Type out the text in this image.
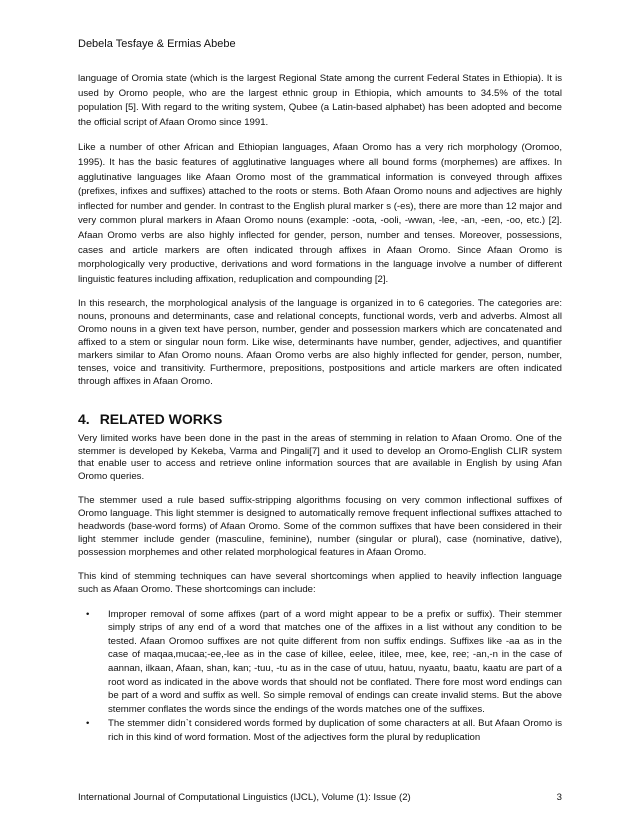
Debela Tesfaye & Ermias Abebe

language of Oromia state (which is the largest Regional State among the current Federal States in Ethiopia). It is used by Oromo people, who are the largest ethnic group in Ethiopia, which amounts to 34.5% of the total population [5]. With regard to the writing system, Qubee (a Latin-based alphabet) has been adopted and become the official script of Afaan Oromo since 1991.

Like a number of other African and Ethiopian languages, Afaan Oromo has a very rich morphology (Oromoo, 1995). It has the basic features of agglutinative languages where all bound forms (morphemes) are affixes. In agglutinative languages like Afaan Oromo most of the grammatical information is conveyed through affixes (prefixes, infixes and suffixes) attached to the roots or stems. Both Afaan Oromo nouns and adjectives are highly inflected for number and gender. In contrast to the English plural marker s (-es), there are more than 12 major and very common plural markers in Afaan Oromo nouns (example: -oota, -ooli, -wwan, -lee, -an, -een, -oo, etc.) [2]. Afaan Oromo verbs are also highly inflected for gender, person, number and tenses. Moreover, possessions, cases and article markers are often indicated through affixes in Afaan Oromo. Since Afaan Oromo is morphologically very productive, derivations and word formations in the language involve a number of different linguistic features including affixation, reduplication and compounding [2].

In this research, the morphological analysis of the language is organized in to 6 categories. The categories are: nouns, pronouns and determinants, case and relational concepts, functional words, verb and adverbs. Almost all Oromo nouns in a given text have person, number, gender and possession markers which are concatenated and affixed to a stem or singular noun form. Like wise, determinants have number, gender, adjectives, and quantifier markers similar to Afan Oromo nouns. Afaan Oromo verbs are also highly inflected for gender, person, number, tenses, voice and transitivity. Furthermore, prepositions, postpositions and article markers are often indicated through affixes in Afaan Oromo.

4. RELATED WORKS

Very limited works have been done in the past in the areas of stemming in relation to Afaan Oromo. One of the stemmer is developed by Kekeba, Varma and Pingali[7] and it used to develop an Oromo-English CLIR system that enable user to access and retrieve online information sources that are available in English by using Afan Oromo queries.

The stemmer used a rule based suffix-stripping algorithms focusing on very common inflectional suffixes of Oromo language. This light stemmer is designed to automatically remove frequent inflectional suffixes attached to headwords (base-word forms) of Afaan Oromo. Some of the common suffixes that have been considered in their light stemmer include gender (masculine, feminine), number (singular or plural), case (nominative, dative), possession morphemes and other related morphological features in Afaan Oromo.

This kind of stemming techniques can have several shortcomings when applied to heavily inflection language such as Afaan Oromo. These shortcomings can include:

• Improper removal of some affixes (part of a word might appear to be a prefix or suffix). Their stemmer simply strips of any end of a word that matches one of the affixes in a list without any condition to be tested. Afaan Oromoo suffixes are not quite different from non suffix endings. Suffixes like -aa as in the case of maqaa,mucaa;-ee,-lee as in the case of killee, eelee, itilee, mee, kee, ree; -an,-n in the case of aannan, ilkaan, Afaan, shan, kan; -tuu, -tu as in the case of utuu, hatuu, nyaatu, baatu, kaatu are part of a root word as indicated in the above words that should not be conflated. There fore most word endings can be part of a word and suffix as well. So simple removal of endings can create invalid stems. But the above stemmer conflates the words since the endings of the words matches one of the suffixes.
• The stemmer didn`t considered words formed by duplication of some characters at all. But Afaan Oromo is rich in this kind of word formation. Most of the adjectives form the plural by reduplication
International Journal of Computational Linguistics (IJCL), Volume (1): Issue (2)	3
